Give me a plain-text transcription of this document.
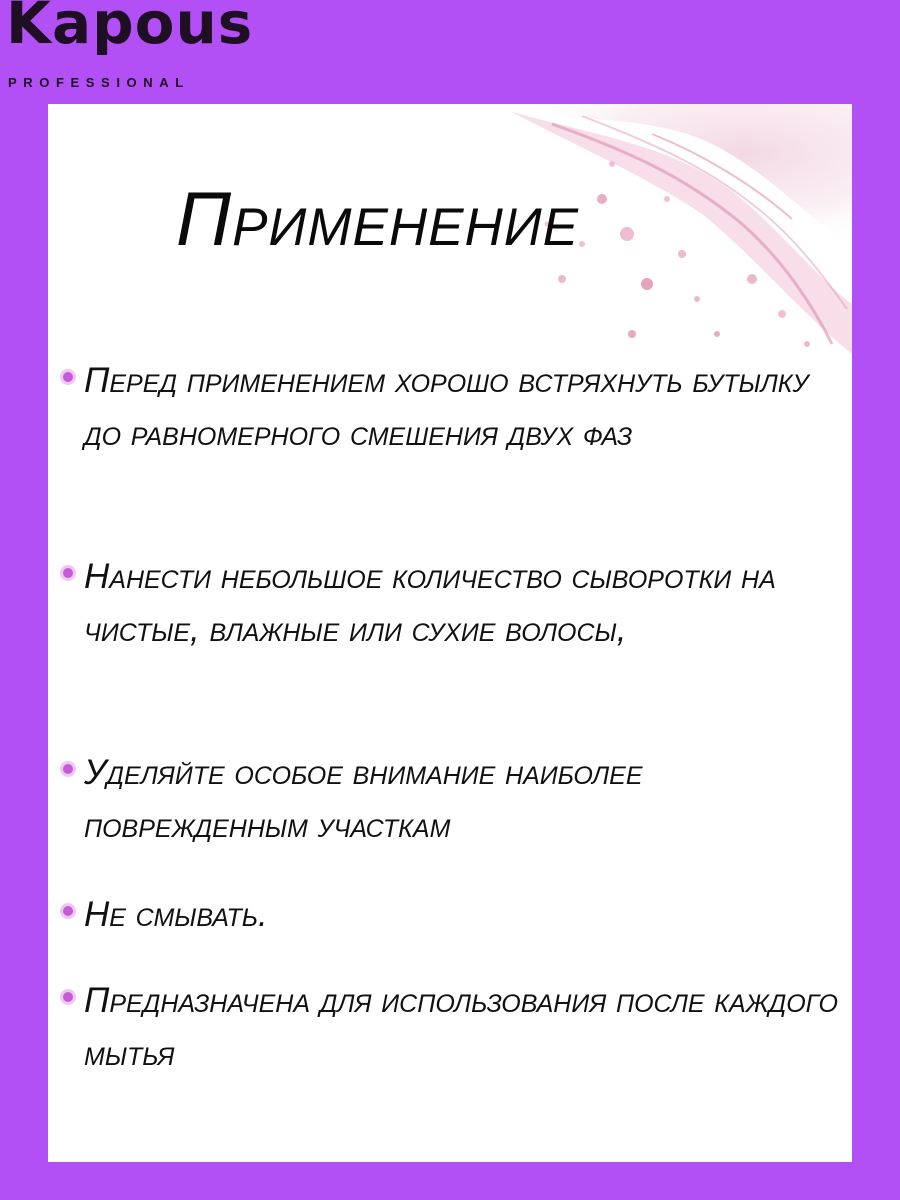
Kapous
PROFESSIONAL
Применение
Перед применением хорошо встряхнуть бутылку до равномерного смешения двух фаз
Нанести небольшое количество сыворотки на чистые, влажные или сухие волосы,
Уделяйте особое внимание наиболее поврежденным участкам
Не смывать.
Предназначена для использования после каждого мытья
